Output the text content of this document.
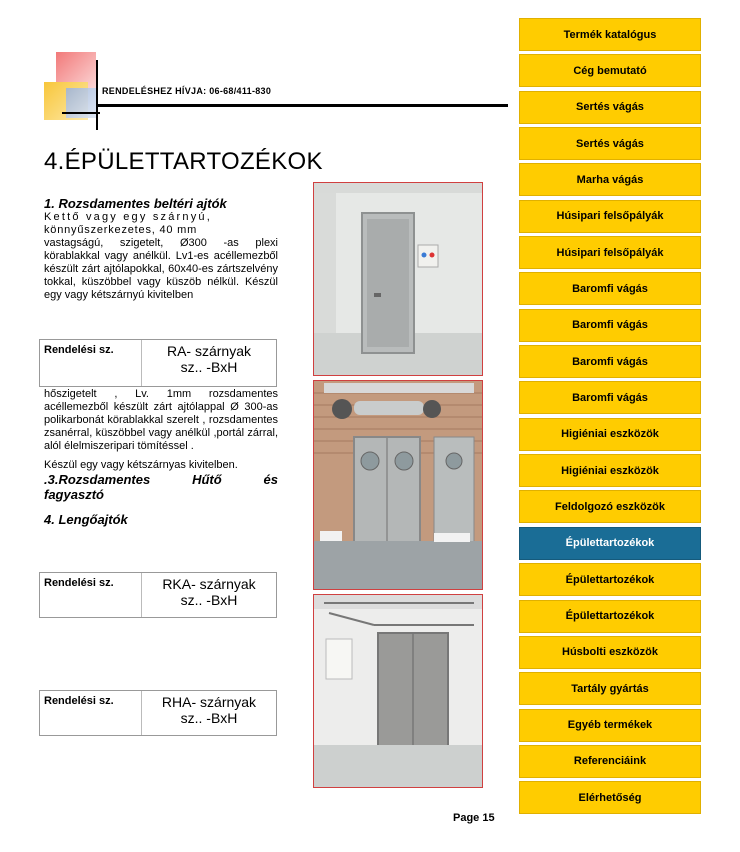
RENDELÉSHEZ HÍVJA: 06-68/411-830
4.ÉPÜLETTARTOZÉKOK
1. Rozsdamentes beltéri ajtók
Kettő vagy egy szárnyú,
könnyűszerkezetes, 40 mm
vastagságú, szigetelt, Ø300 -as plexi körablakkal vagy anélkül. Lv1-es acéllemezből készült zárt ajtólapokkal, 60x40-es zártszelvény tokkal, küszöbbel vagy küszöb nélkül. Készül egy vagy kétszárnyú kivitelben
Rendelési sz.	RA- szárnyak
sz.. -BxH
hőszigetelt , Lv. 1mm rozsdamentes acéllemezből készült zárt ajtólappal Ø 300-as polikarbonát körablakkal szerelt , rozsdamentes zsanérral, küszöbbel vagy anélkül ,portál zárral, alól élelmiszeripari tömítéssel .
Készül egy vagy kétszárnyas kivitelben.
.3.Rozsdamentes Hűtő és fagyasztó
4. Lengőajtók
Rendelési sz.	RKA- szárnyak
sz.. -BxH
Rendelési sz.	RHA- szárnyak
sz.. -BxH
Page 15
Termék katalógus
Cég bemutató
Sertés vágás
Sertés vágás
Marha vágás
Húsipari felsőpályák
Húsipari felsőpályák
Baromfi vágás
Baromfi vágás
Baromfi vágás
Baromfi vágás
Higiéniai eszközök
Higiéniai eszközök
Feldolgozó eszközök
Épülettartozékok
Épülettartozékok
Épülettartozékok
Húsbolti eszközök
Tartály gyártás
Egyéb termékek
Referenciáink
Elérhetőség
